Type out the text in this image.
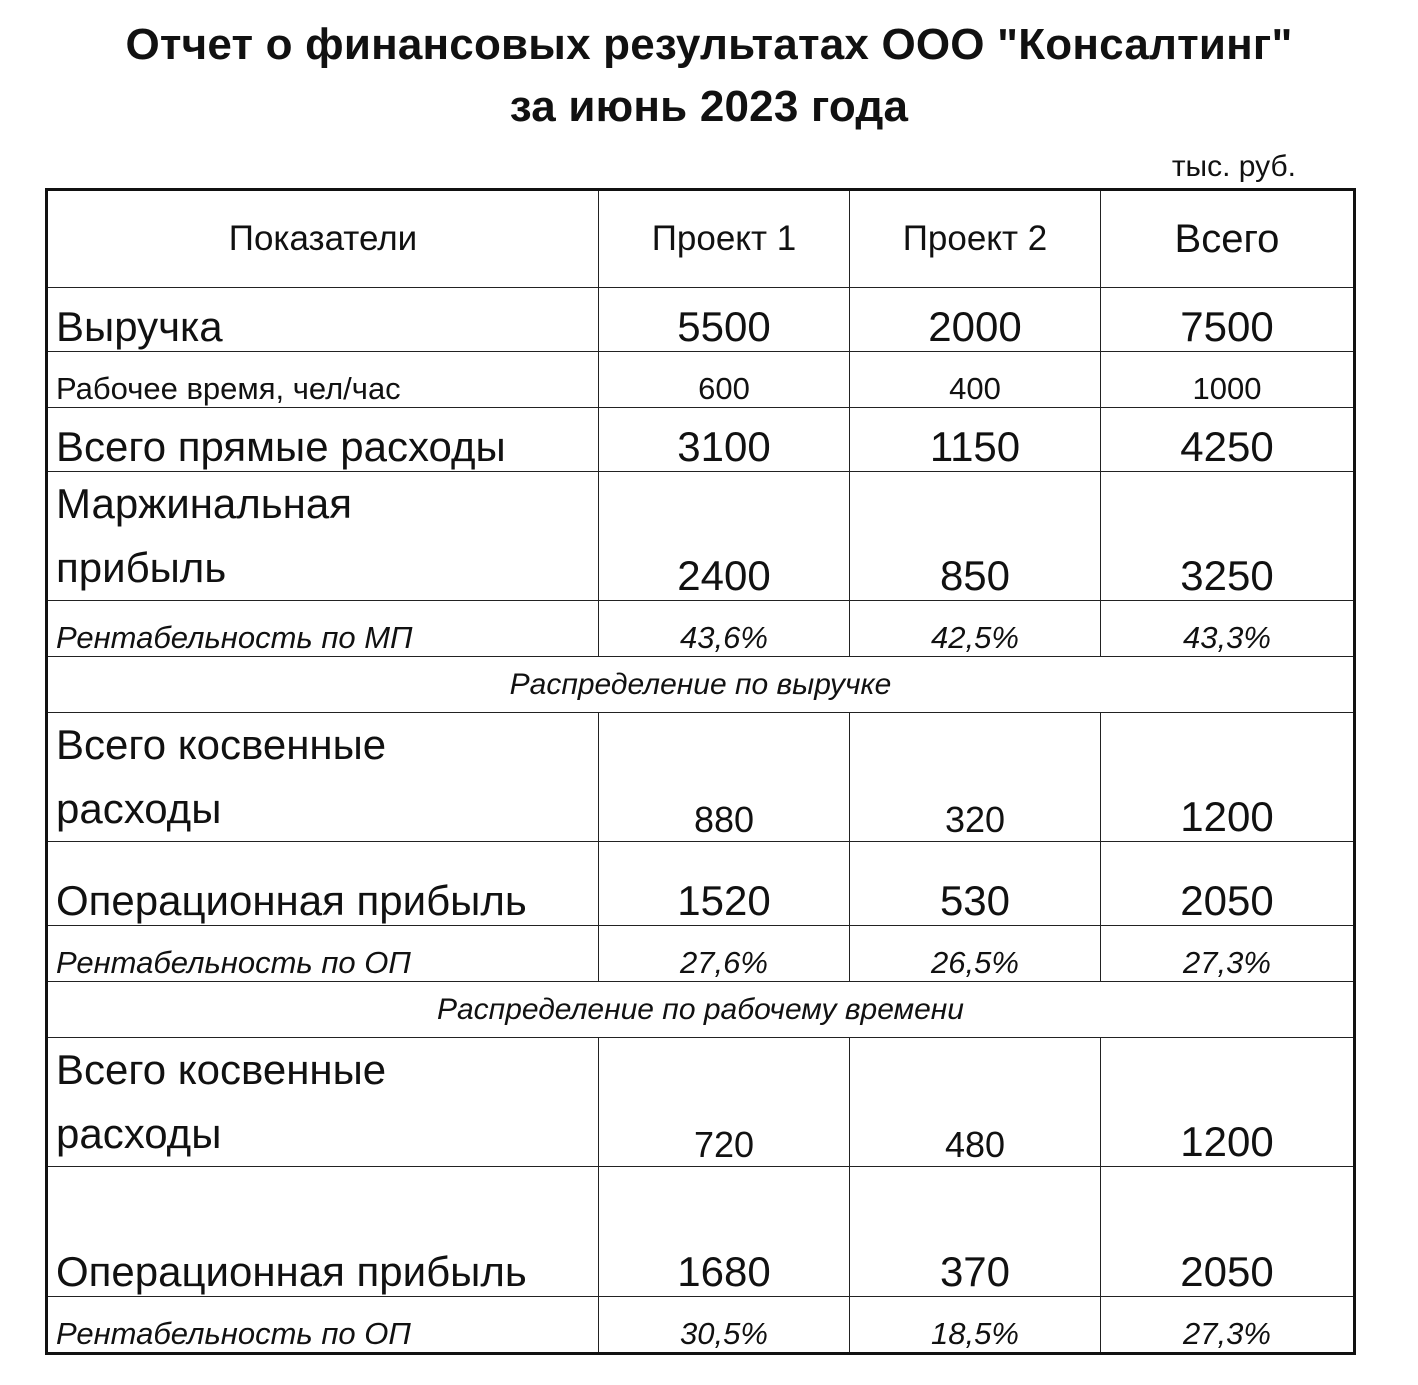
Отчет о финансовых результатах ООО "Консалтинг"
за июнь 2023 года
тыс. руб.
Показатели	Проект 1	Проект 2	Всего
Выручка	5500	2000	7500
Рабочее время, чел/час	600	400	1000
Всего прямые расходы	3100	1150	4250

Маржинальная
прибыль	2400	850	3250
Рентабельность по МП	43,6%	42,5%	43,3%
Распределение по выручке			

Всего косвенные
расходы	880	320	1200
Операционная прибыль	1520	530	2050
Рентабельность по ОП	27,6%	26,5%	27,3%
Распределение по рабочему времени			

Всего косвенные
расходы	720	480	1200
Операционная прибыль	1680	370	2050
Рентабельность по ОП	30,5%	18,5%	27,3%
